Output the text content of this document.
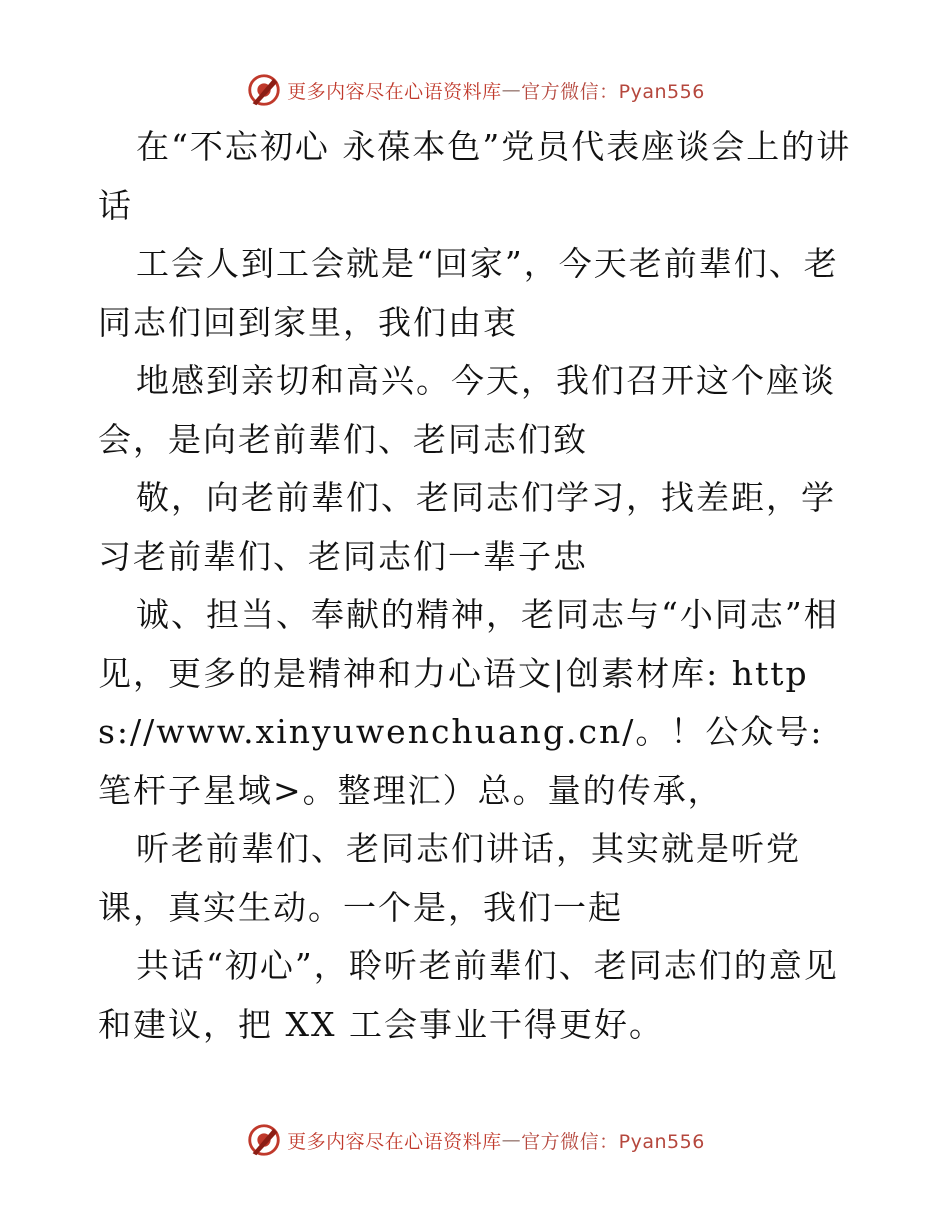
更多内容尽在心语资料库 — 官方微信：Pyan556

在“不忘初心 永葆本色”党员代表座谈会上的讲话

工会人到工会就是“回家”，今天老前辈们、老同志们回到家里，我们由衷

地感到亲切和高兴。今天，我们召开这个座谈会，是向老前辈们、老同志们致

敬，向老前辈们、老同志们学习，找差距，学习老前辈们、老同志们一辈子忠

诚、担当、奉献的精神，老同志与“小同志”相见，更多的是精神和力心语文|创素材库: https://www.xinyuwenchuang.cn/。！公众号: 笔杆子星域>。整理汇）总。量的传承，

听老前辈们、老同志们讲话，其实就是听党课，真实生动。一个是，我们一起

共话“初心”，聆听老前辈们、老同志们的意见和建议，把 XX 工会事业干得更好。

更多内容尽在心语资料库 — 官方微信：Pyan556
